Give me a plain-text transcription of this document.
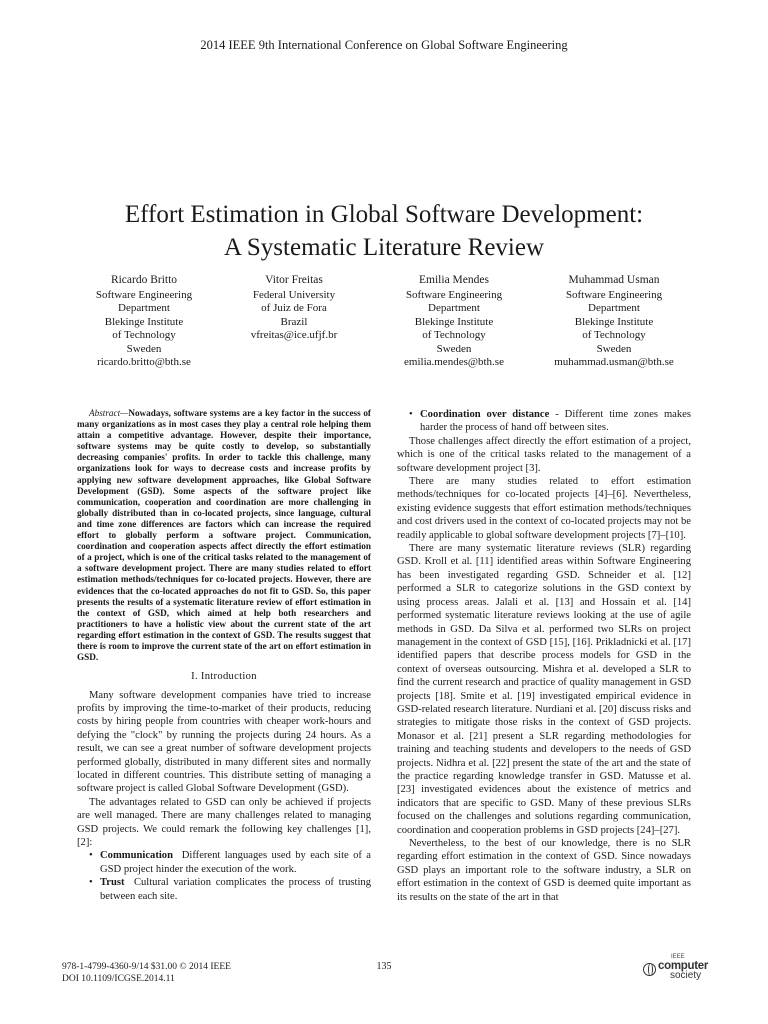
2014 IEEE 9th International Conference on Global Software Engineering
Effort Estimation in Global Software Development:
A Systematic Literature Review
Ricardo Britto
Software Engineering
Department
Blekinge Institute
of Technology
Sweden
ricardo.britto@bth.se
Vitor Freitas
Federal University
of Juiz de Fora
Brazil
vfreitas@ice.ufjf.br
Emilia Mendes
Software Engineering
Department
Blekinge Institute
of Technology
Sweden
emilia.mendes@bth.se
Muhammad Usman
Software Engineering
Department
Blekinge Institute
of Technology
Sweden
muhammad.usman@bth.se

Abstract—Nowadays, software systems are a key factor in the success of many organizations as in most cases they play a central role helping them attain a competitive advantage. However, despite their importance, software systems may be quite costly to develop, so substantially decreasing companies' profits. In order to tackle this challenge, many organizations look for ways to decrease costs and increase profits by applying new software development approaches, like Global Software Development (GSD). Some aspects of the software project like communication, cooperation and coordination are more challenging in globally distributed than in co-located projects, since language, cultural and time zone differences are factors which can increase the required effort to globally perform a software project. Communication, coordination and cooperation aspects affect directly the effort estimation of a project, which is one of the critical tasks related to the management of a software development project. There are many studies related to effort estimation methods/techniques for co-located projects. However, there are evidences that the co-located approaches do not fit to GSD. So, this paper presents the results of a systematic literature review of effort estimation in the context of GSD, which aimed at help both researchers and practitioners to have a holistic view about the current state of the art regarding effort estimation in the context of GSD. The results suggest that there is room to improve the current state of the art on effort estimation in GSD.

I. Introduction

Many software development companies have tried to increase profits by improving the time-to-market of their products, reducing costs by hiring people from countries with cheaper work-hours and defying the "clock" by running the projects during 24 hours. As a result, we can see a great number of software development projects performed globally, distributed in many different sites and normally located in different countries. This distribute setting of managing a software project is called Global Software Development (GSD).

The advantages related to GSD can only be achieved if projects are well managed. There are many challenges related to managing GSD projects. We could remark the following key challenges [1], [2]:

• Communication Different languages used by each site of a GSD project hinder the execution of the work.
• Trust Cultural variation complicates the process of trusting between each site.
• Coordination over distance - Different time zones makes harder the process of hand off between sites.

Those challenges affect directly the effort estimation of a project, which is one of the critical tasks related to the management of a software development project [3].

There are many studies related to effort estimation methods/techniques for co-located projects [4]–[6]. Nevertheless, existing evidence suggests that effort estimation methods/techniques and cost drivers used in the context of co-located projects may not be readily applicable to global software development projects [7]–[10].

There are many systematic literature reviews (SLR) regarding GSD. Kroll et al. [11] identified areas within Software Engineering has been investigated regarding GSD. Schneider et al. [12] performed a SLR to categorize solutions in the GSD context by using process areas. Jalali et al. [13] and Hossain et al. [14] performed systematic literature reviews looking at the use of agile methods in GSD. Da Silva et al. performed two SLRs on project management in the context of GSD [15], [16]. Prikladnicki et al. [17] identified papers that describe process models for GSD in the context of overseas outsourcing. Mishra et al. developed a SLR to find the current research and practice of quality management in GSD projects [18]. Smite et al. [19] investigated empirical evidence in GSD-related research literature. Nurdiani et al. [20] discuss risks and strategies to mitigate those risks in the context of GSD projects. Monasor et al. [21] present a SLR regarding methodologies for training and teaching students and developers to the needs of GSD projects. Nidhra et al. [22] present the state of the art and the state of the practice regarding knowledge transfer in GSD. Matusse et al. [23] investigated evidences about the existence of metrics and indicators that are specific to GSD. Many of these previous SLRs focused on the challenges and solutions regarding communication, coordination and cooperation problems in GSD projects [24]–[27].

Nevertheless, to the best of our knowledge, there is no SLR regarding effort estimation in the context of GSD. Since nowadays GSD plays an important role to the software industry, a SLR on effort estimation in the context of GSD is deemed quite important as its results on the state of the art in that

978-1-4799-4360-9/14 $31.00 © 2014 IEEE
DOI 10.1109/ICGSE.2014.11
135
IEEE
computer
society
